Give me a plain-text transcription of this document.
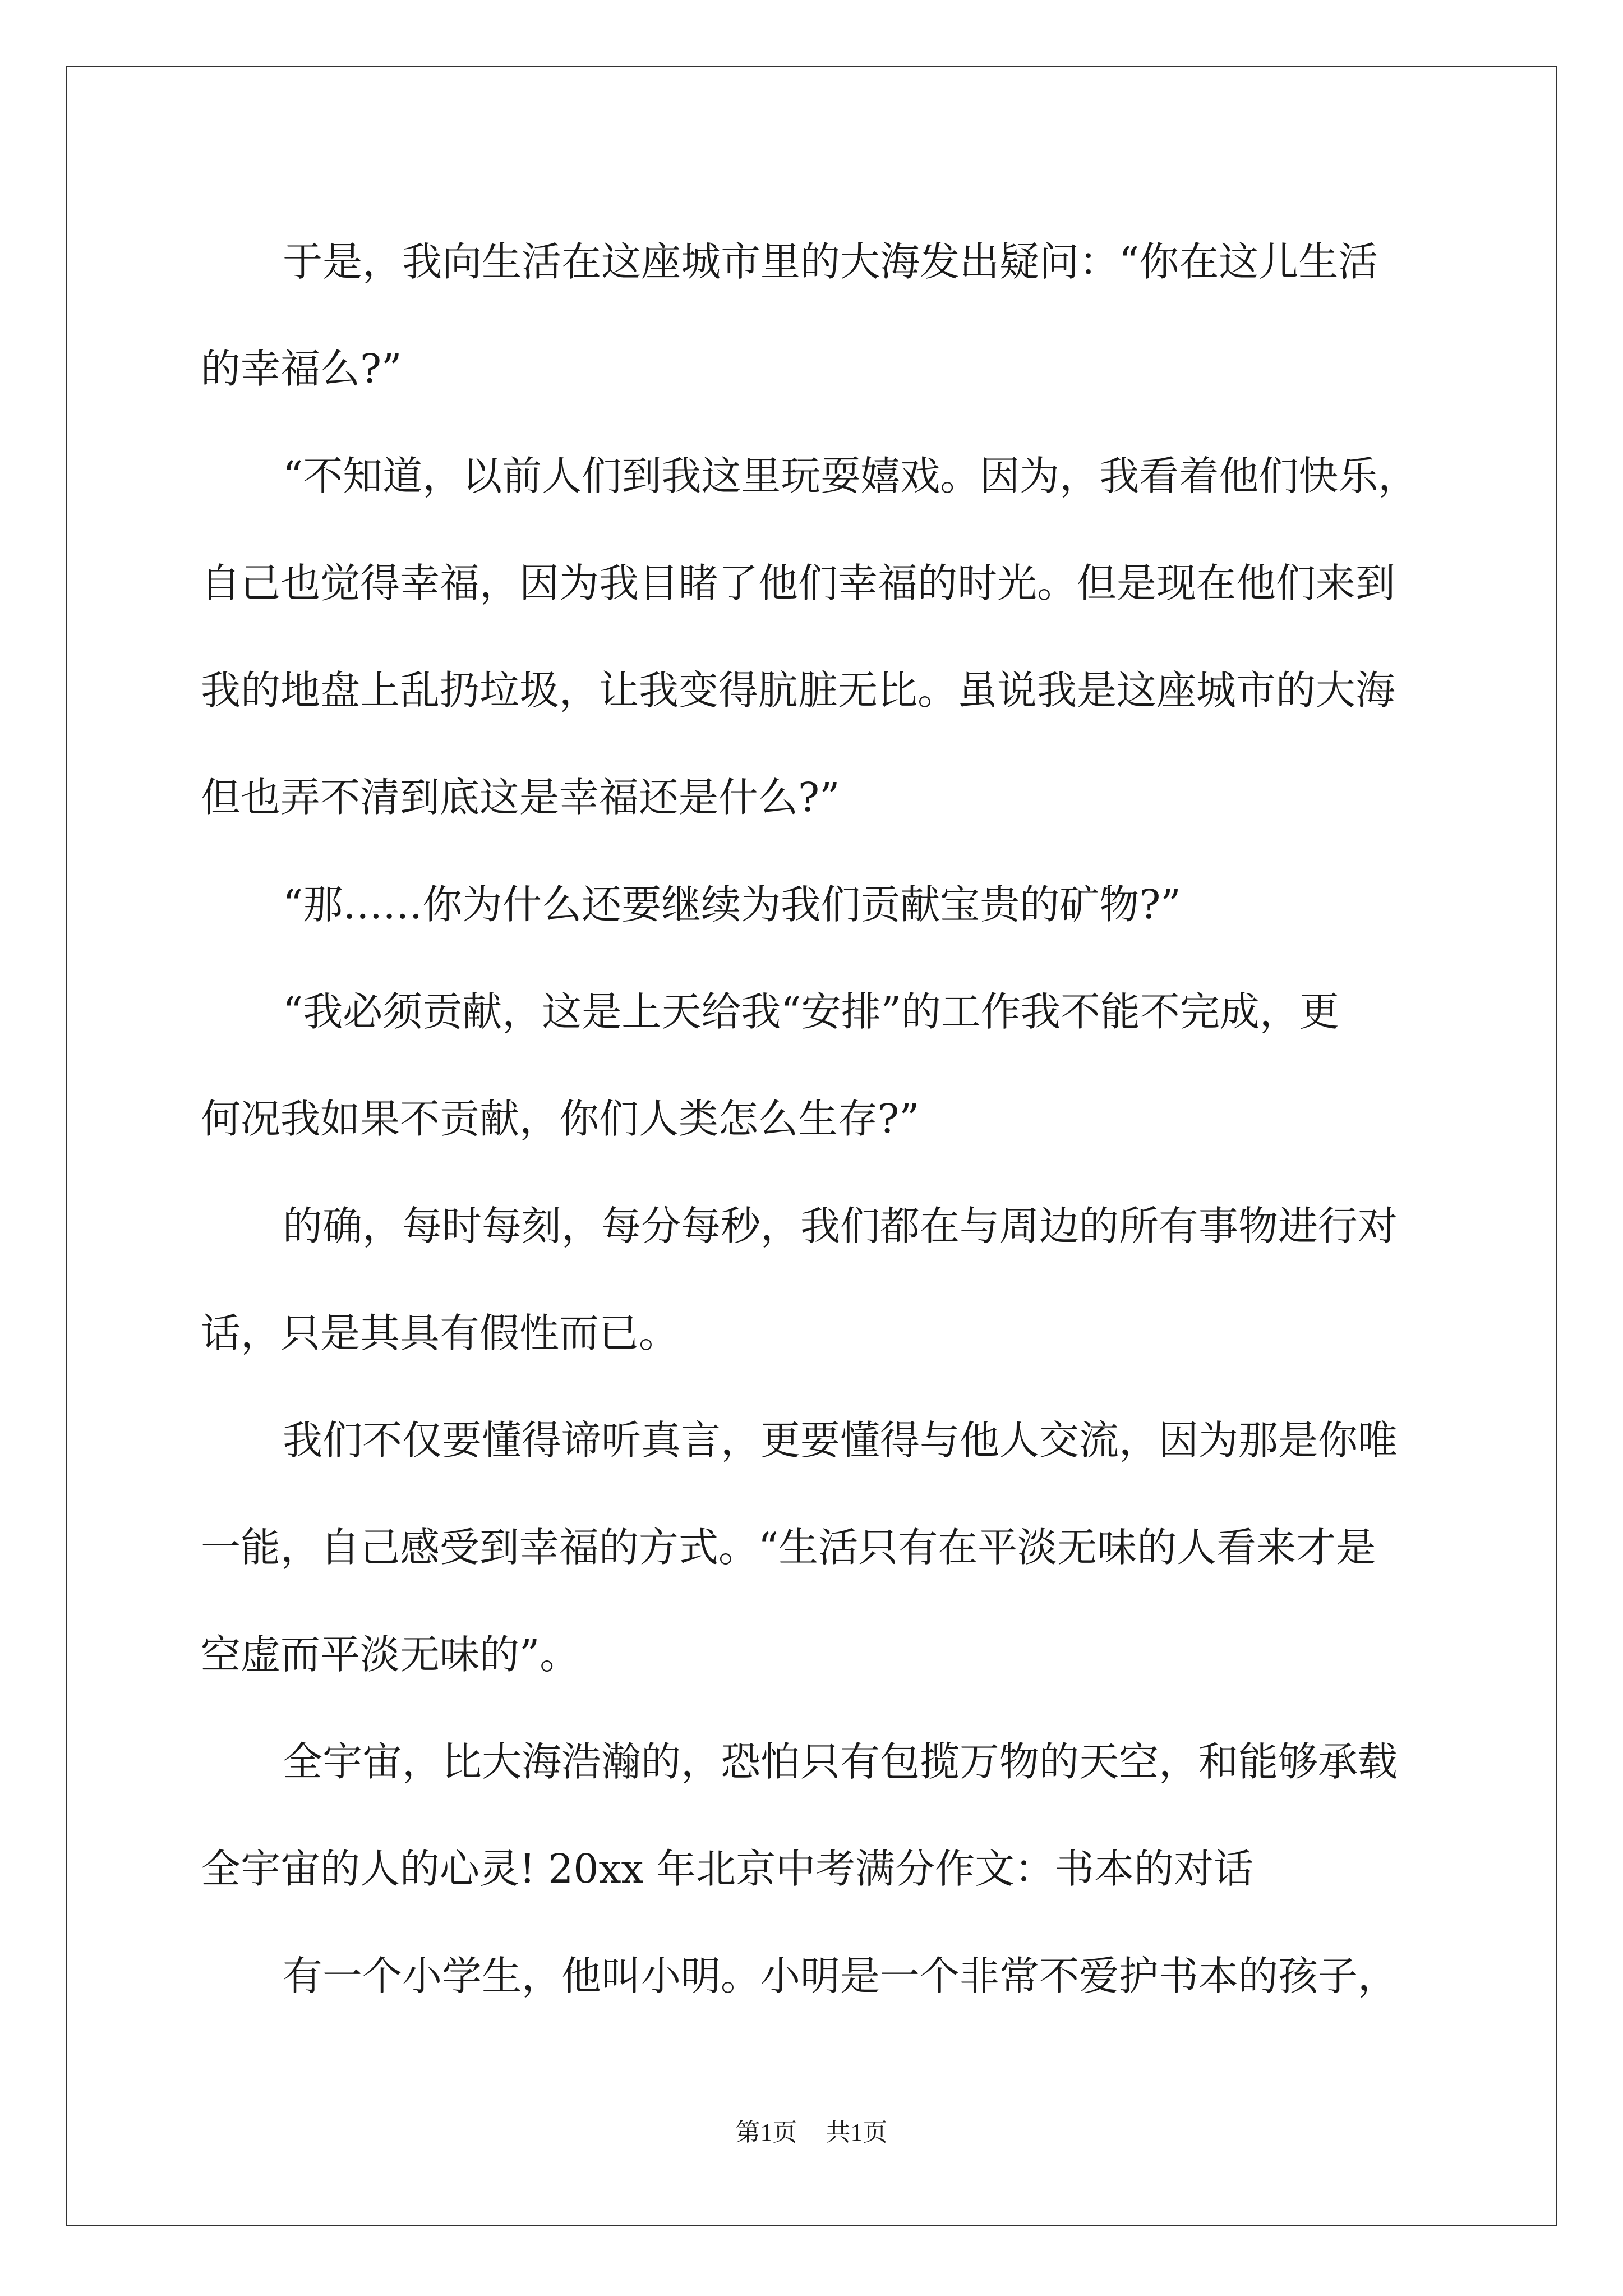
于是，我向生活在这座城市里的大海发出疑问：“你在这儿生活
的幸福么?”
“不知道，以前人们到我这里玩耍嬉戏。因为，我看着他们快乐，
自己也觉得幸福，因为我目睹了他们幸福的时光。但是现在他们来到
我的地盘上乱扔垃圾，让我变得肮脏无比。虽说我是这座城市的大海
但也弄不清到底这是幸福还是什么?”
“那……你为什么还要继续为我们贡献宝贵的矿物?”
“我必须贡献，这是上天给我“安排”的工作我不能不完成，更
何况我如果不贡献，你们人类怎么生存?”
的确，每时每刻，每分每秒，我们都在与周边的所有事物进行对
话，只是其具有假性而已。
我们不仅要懂得谛听真言，更要懂得与他人交流，因为那是你唯
一能，自己感受到幸福的方式。“生活只有在平淡无味的人看来才是
空虚而平淡无味的”。
全宇宙，比大海浩瀚的，恐怕只有包揽万物的天空，和能够承载
全宇宙的人的心灵! 20xx 年北京中考满分作文：书本的对话
有一个小学生，他叫小明。小明是一个非常不爱护书本的孩子，
第1页 共1页
